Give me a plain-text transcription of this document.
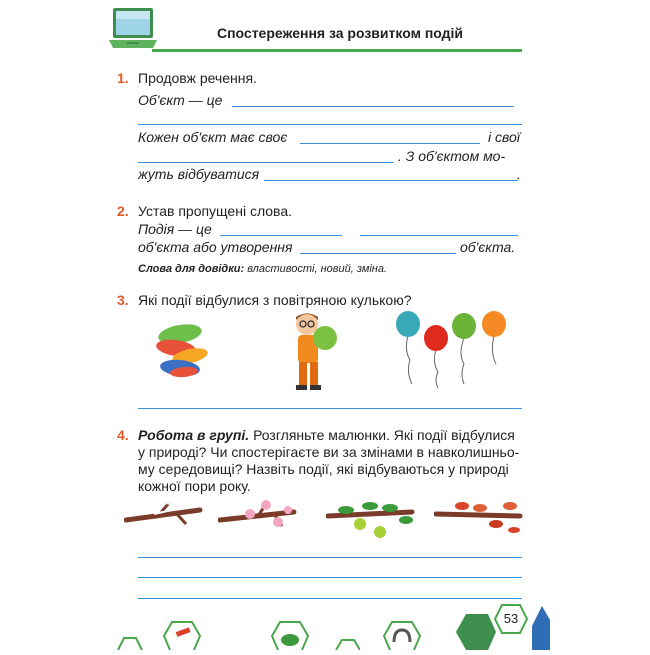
Спостереження за розвитком подій
1. Продовж речення.
Об'єкт — це
Кожен об'єкт має своє	і свої
. З об'єктом мо-
жуть відбуватися	.
2. Устав пропущені слова.
Подія — це
об'єкта або утворення	об'єкта.
Слова для довідки: властивості, новий, зміна.
3. Які події відбулися з повітряною кулькою?
4. Робота в групі. Розгляньте малюнки. Які події відбулися
у природі? Чи спостерігаєте ви за змінами в навколишньо-
му середовищі? Назвіть події, які відбуваються у природі
кожної пори року.
53
